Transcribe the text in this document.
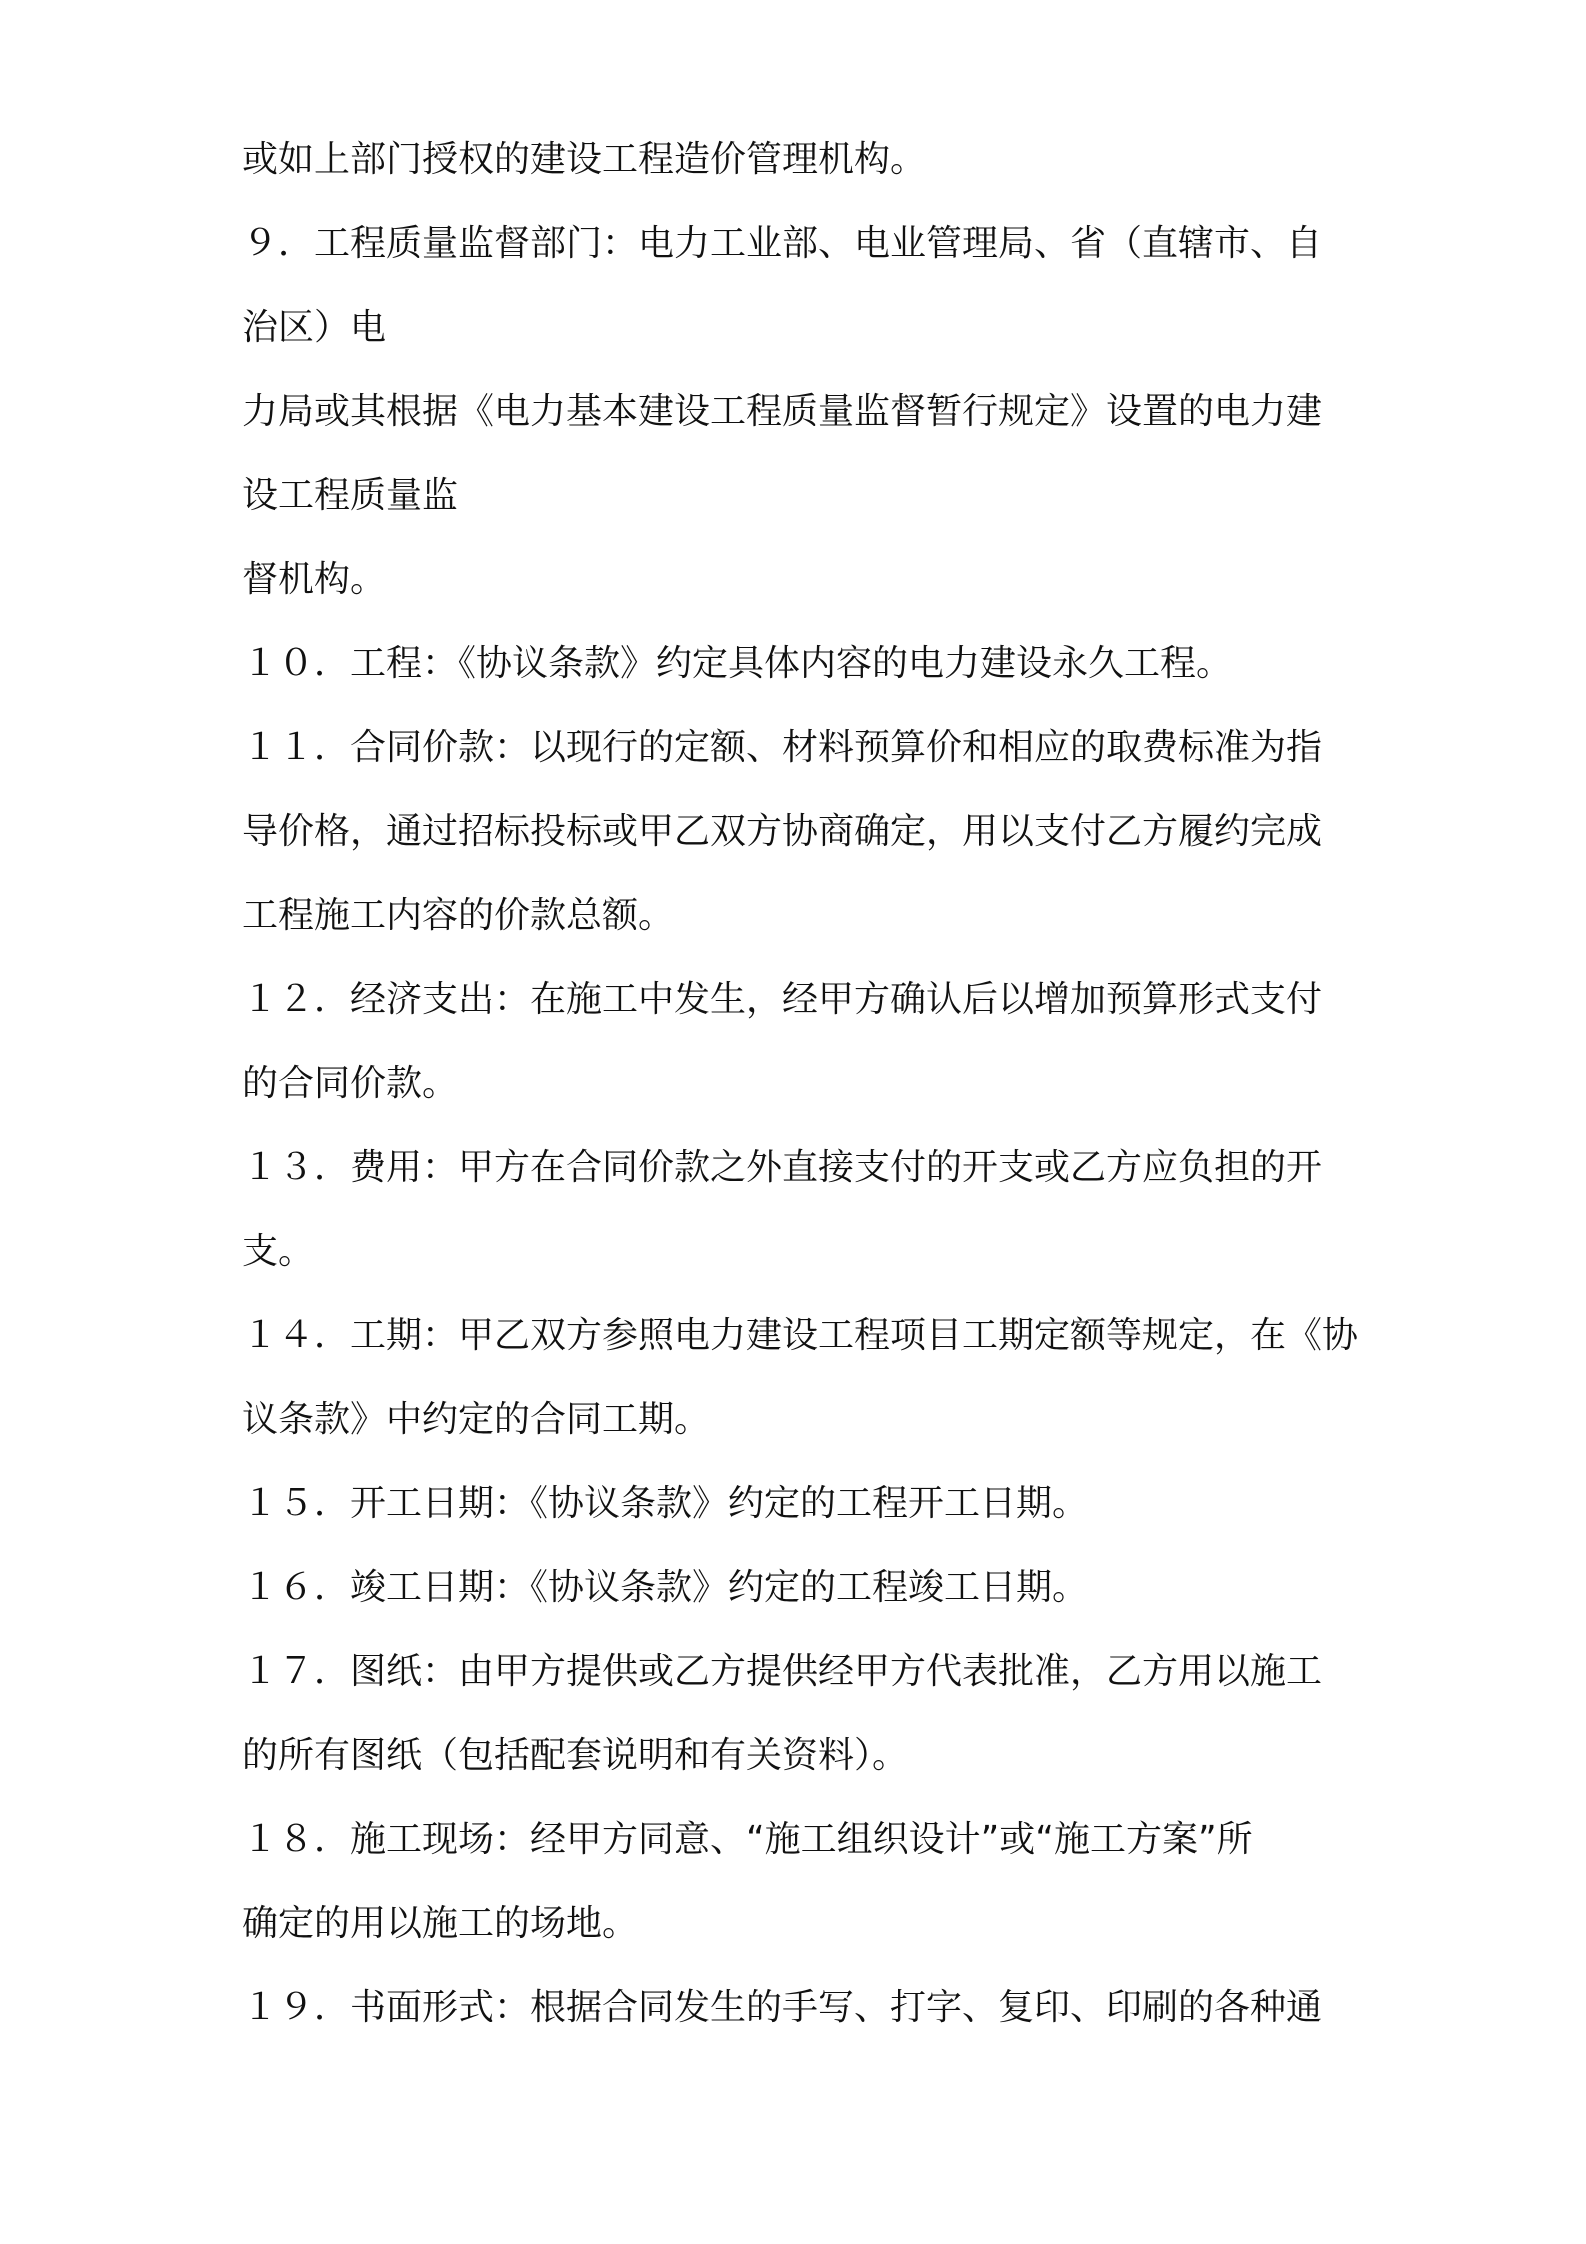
或如上部门授权的建设工程造价管理机构。
９．工程质量监督部门：电力工业部、电业管理局、省（直辖市、自
治区）电
力局或其根据《电力基本建设工程质量监督暂行规定》设置的电力建
设工程质量监
督机构。
１０．工程：《协议条款》约定具体内容的电力建设永久工程。
１１．合同价款：以现行的定额、材料预算价和相应的取费标准为指
导价格，通过招标投标或甲乙双方协商确定，用以支付乙方履约完成
工程施工内容的价款总额。
１２．经济支出：在施工中发生，经甲方确认后以增加预算形式支付
的合同价款。
１３．费用：甲方在合同价款之外直接支付的开支或乙方应负担的开
支。
１４．工期：甲乙双方参照电力建设工程项目工期定额等规定，在《协
议条款》中约定的合同工期。
１５．开工日期：《协议条款》约定的工程开工日期。
１６．竣工日期：《协议条款》约定的工程竣工日期。
１７．图纸：由甲方提供或乙方提供经甲方代表批准，乙方用以施工
的所有图纸（包括配套说明和有关资料）。
１８．施工现场：经甲方同意、“施工组织设计”或“施工方案”所
确定的用以施工的场地。
１９．书面形式：根据合同发生的手写、打字、复印、印刷的各种通
